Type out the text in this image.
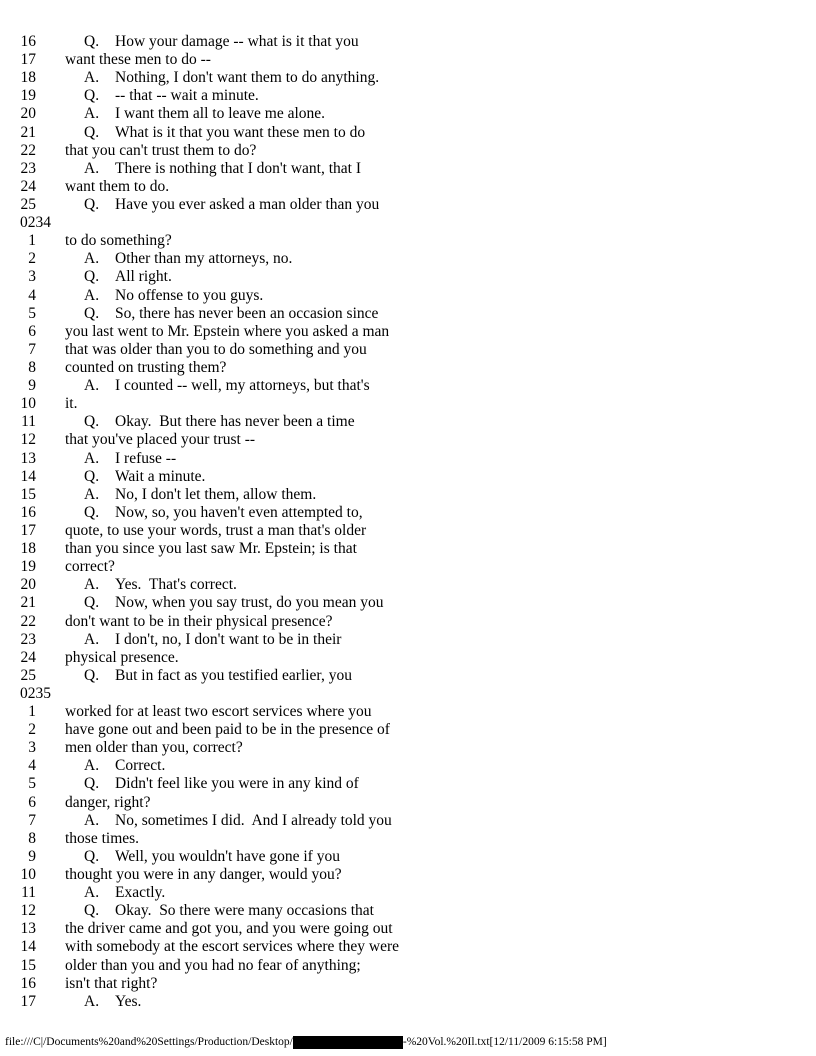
16	Q. How your damage -- what is it that you
17 want these men to do --
18	A. Nothing, I don't want them to do anything.
19	Q. -- that -- wait a minute.
20	A. I want them all to leave me alone.
21	Q. What is it that you want these men to do
22 that you can't trust them to do?
23	A. There is nothing that I don't want, that I
24 want them to do.
25	Q. Have you ever asked a man older than you
0234
1 to do something?
2	A. Other than my attorneys, no.
3	Q. All right.
4	A. No offense to you guys.
5	Q. So, there has never been an occasion since
6 you last went to Mr. Epstein where you asked a man
7 that was older than you to do something and you
8 counted on trusting them?
9	A. I counted -- well, my attorneys, but that's
10 it.
11	Q. Okay.  But there has never been a time
12 that you've placed your trust --
13	A. I refuse --
14	Q. Wait a minute.
15	A. No, I don't let them, allow them.
16	Q. Now, so, you haven't even attempted to,
17 quote, to use your words, trust a man that's older
18 than you since you last saw Mr. Epstein; is that
19 correct?
20	A. Yes.  That's correct.
21	Q. Now, when you say trust, do you mean you
22 don't want to be in their physical presence?
23	A. I don't, no, I don't want to be in their
24 physical presence.
25	Q. But in fact as you testified earlier, you
0235
1 worked for at least two escort services where you
2 have gone out and been paid to be in the presence of
3 men older than you, correct?
4	A. Correct.
5	Q. Didn't feel like you were in any kind of
6 danger, right?
7	A. No, sometimes I did.  And I already told you
8 those times.
9	Q. Well, you wouldn't have gone if you
10 thought you were in any danger, would you?
11	A. Exactly.
12	Q. Okay.  So there were many occasions that
13 the driver came and got you, and you were going out
14 with somebody at the escort services where they were
15 older than you and you had no fear of anything;
16 isn't that right?
17	A. Yes.
file:///C|/Documents%20and%20Settings/Production/Desktop/	-%20Vol.%20Il.txt[12/11/2009 6:15:58 PM]
